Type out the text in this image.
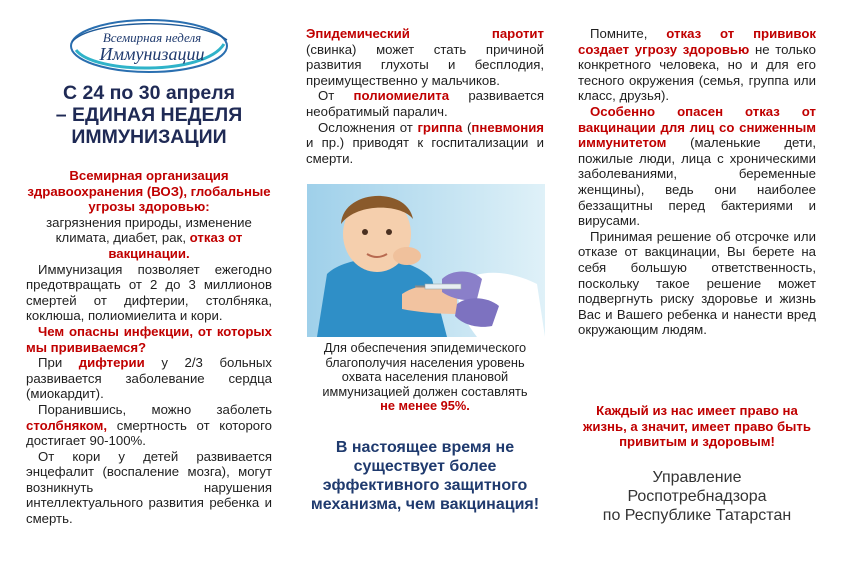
Всемирная неделя
Иммунизации
С 24 по 30 апреля
– ЕДИНАЯ НЕДЕЛЯ
ИММУНИЗАЦИИ

Всемирная организация здравоохранения (ВОЗ), глобальные угрозы здоровью:

загрязнения природы, изменение климата, диабет, рак, отказ от вакцинации.

Иммунизация позволяет ежегодно предотвращать от 2 до 3 миллионов смертей от дифтерии, столбняка, коклюша, полиомиелита и кори.

Чем опасны инфекции, от которых мы прививаемся?

При дифтерии у 2/3 больных развивается заболевание сердца (миокардит).

Поранившись, можно заболеть столбняком, смертность от которого достигает 90-100%.

От кори у детей развивается энцефалит (воспаление мозга), могут возникнуть нарушения интеллектуального развития ребенка и смерть.

Эпидемический паротит(свинка) может стать причиной развития глухоты и бесплодия, преимущественно у мальчиков.

От полиомиелита развивается необратимый паралич.

Осложнения от гриппа (пневмония и пр.) приводят к госпитализации и смерти.

Для обеспечения эпидемического благополучия населения уровень охвата населения плановой иммунизацией должен составлять
не менее 95%.
В настоящее время не существует более эффективного защитного механизма, чем вакцинация!

Помните, отказ от прививок создает угрозу здоровью не только конкретного человека, но и для его тесного окружения (семья, группа или класс, друзья).

Особенно опасен отказ от вакцинации для лиц со сниженным иммунитетом (маленькие дети, пожилые люди, лица с хроническими заболеваниями, беременные женщины), ведь они наиболее беззащитны перед бактериями и вирусами.

Принимая решение об отсрочке или отказе от вакцинации, Вы берете на себя большую ответственность, поскольку такое решение может подвергнуть риску здоровье и жизнь Вас и Вашего ребенка и нанести вред окружающим людям.

Каждый из нас имеет право на жизнь, а значит, имеет право быть привитым и здоровым!
Управление
Роспотребнадзора
по Республике Татарстан
